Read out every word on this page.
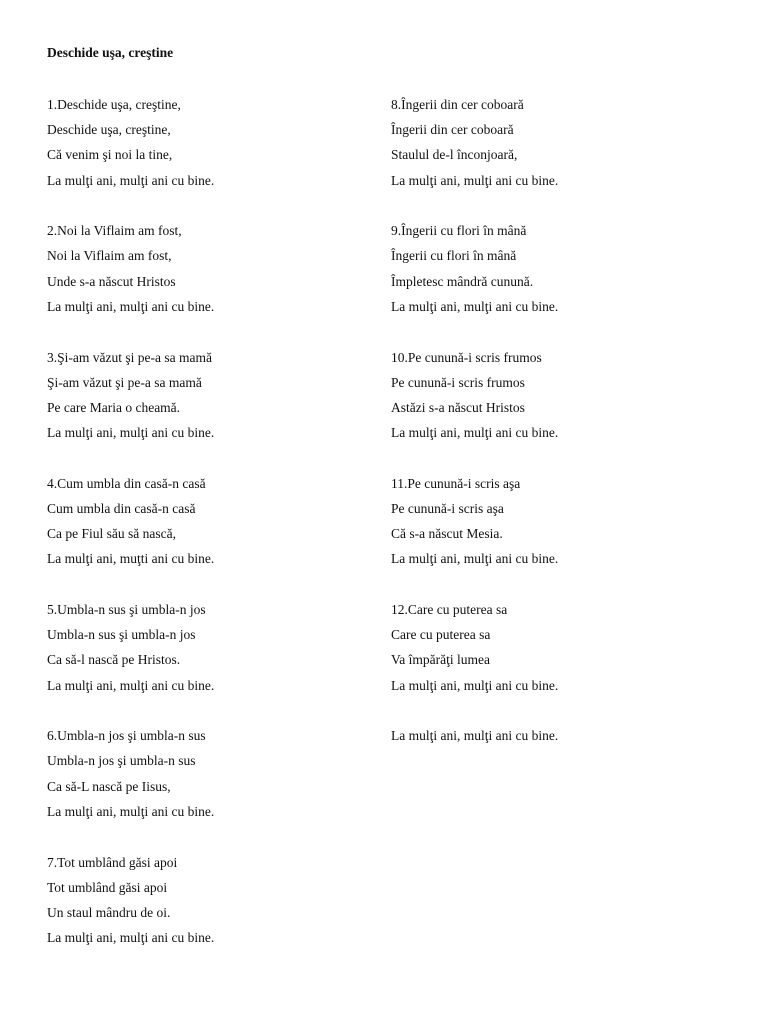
Deschide uşa, creştine
1.Deschide uşa, creştine,
Deschide uşa, creştine,
Că venim şi noi la tine,
La mulţi ani, mulţi ani cu bine.
2.Noi la Viflaim am fost,
Noi la Viflaim am fost,
Unde s-a născut Hristos
La mulţi ani, mulţi ani cu bine.
3.Şi-am văzut şi pe-a sa mamă
Şi-am văzut şi pe-a sa mamă
Pe care Maria o cheamă.
La mulţi ani, mulţi ani cu bine.
4.Cum umbla din casă-n casă
Cum umbla din casă-n casă
Ca pe Fiul său să nască,
La mulţi ani, muţti ani cu bine.
5.Umbla-n sus şi umbla-n jos
Umbla-n sus şi umbla-n jos
Ca să-l nască pe Hristos.
La mulţi ani, mulţi ani cu bine.
6.Umbla-n jos şi umbla-n sus
Umbla-n jos şi umbla-n sus
Ca să-L nască pe Iisus,
La mulţi ani, mulţi ani cu bine.
7.Tot umblând găsi apoi
Tot umblând găsi apoi
Un staul mândru de oi.
La mulţi ani, mulţi ani cu bine.
8.Îngerii din cer coboară
Îngerii din cer coboară
Staulul de-l înconjoară,
La mulţi ani, mulţi ani cu bine.
9.Îngerii cu flori în mână
Îngerii cu flori în mână
Împletesc mândră cunună.
La mulţi ani, mulţi ani cu bine.
10.Pe cunună-i scris frumos
Pe cunună-i scris frumos
Astăzi s-a născut Hristos
La mulţi ani, mulţi ani cu bine.
11.Pe cunună-i scris aşa
Pe cunună-i scris aşa
Că s-a născut Mesia.
La mulţi ani, mulţi ani cu bine.
12.Care cu puterea sa
Care cu puterea sa
Va împărăţi lumea
La mulţi ani, mulţi ani cu bine.
La mulţi ani, mulţi ani cu bine.
